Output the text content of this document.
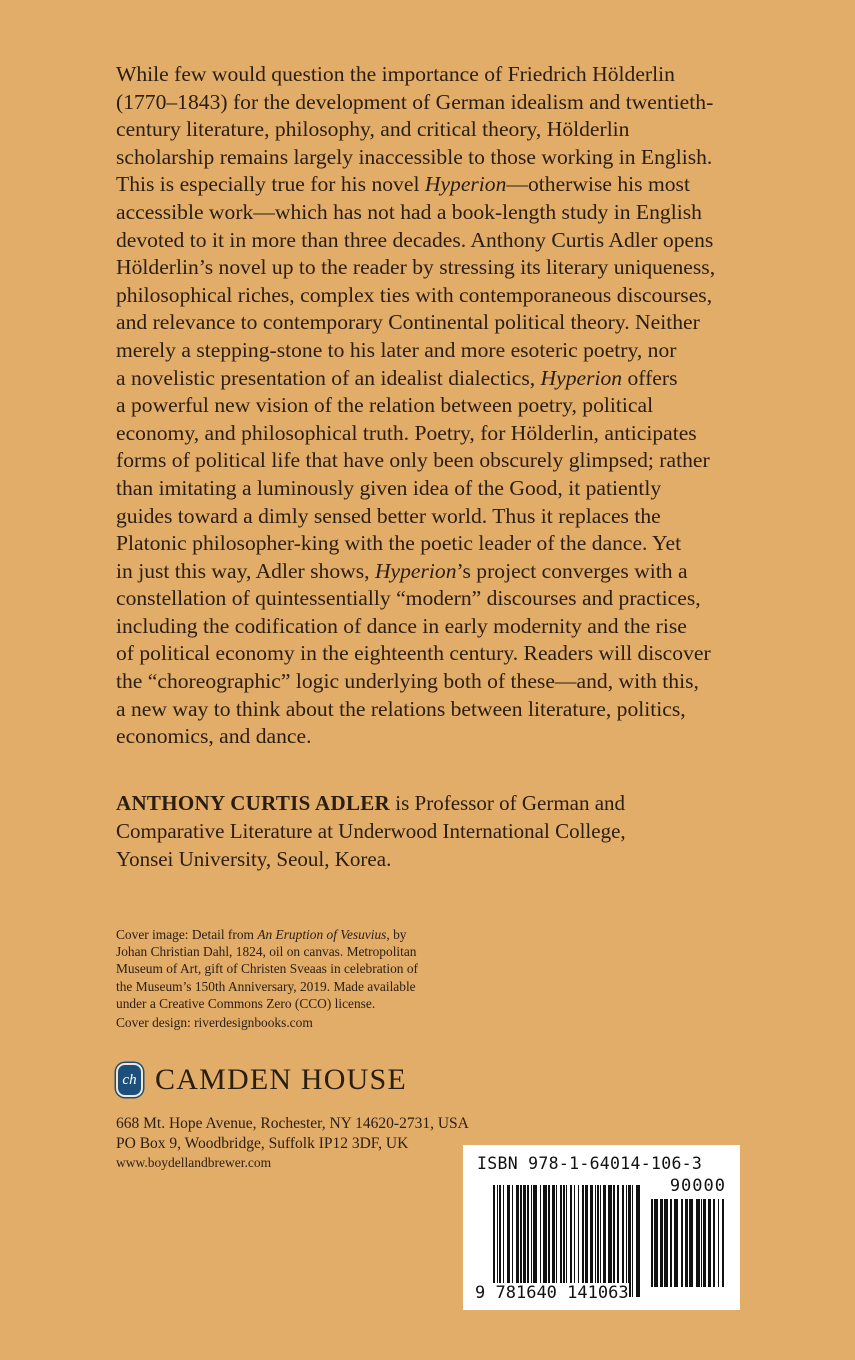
While few would question the importance of Friedrich Hölderlin
(1770–1843) for the development of German idealism and twentieth-
century literature, philosophy, and critical theory, Hölderlin
scholarship remains largely inaccessible to those working in English.
This is especially true for his novel Hyperion—otherwise his most
accessible work—which has not had a book-length study in English
devoted to it in more than three decades. Anthony Curtis Adler opens
Hölderlin’s novel up to the reader by stressing its literary uniqueness,
philosophical riches, complex ties with contemporaneous discourses,
and relevance to contemporary Continental political theory. Neither
merely a stepping-stone to his later and more esoteric poetry, nor
a novelistic presentation of an idealist dialectics, Hyperion offers
a powerful new vision of the relation between poetry, political
economy, and philosophical truth. Poetry, for Hölderlin, anticipates
forms of political life that have only been obscurely glimpsed; rather
than imitating a luminously given idea of the Good, it patiently
guides toward a dimly sensed better world. Thus it replaces the
Platonic philosopher-king with the poetic leader of the dance. Yet
in just this way, Adler shows, Hyperion’s project converges with a
constellation of quintessentially “modern” discourses and practices,
including the codification of dance in early modernity and the rise
of political economy in the eighteenth century. Readers will discover
the “choreographic” logic underlying both of these—and, with this,
a new way to think about the relations between literature, politics,
economics, and dance.
ANTHONY CURTIS ADLER is Professor of German and
Comparative Literature at Underwood International College,
Yonsei University, Seoul, Korea.
Cover image: Detail from An Eruption of Vesuvius, by
Johan Christian Dahl, 1824, oil on canvas. Metropolitan
Museum of Art, gift of Christen Sveaas in celebration of
the Museum’s 150th Anniversary, 2019. Made available
under a Creative Commons Zero (CCO) license.
Cover design: riverdesignbooks.com
ch CAMDEN HOUSE
668 Mt. Hope Avenue, Rochester, NY 14620-2731, USA
PO Box 9, Woodbridge, Suffolk IP12 3DF, UK
www.boydellandbrewer.com	ISBN 978-1-64014-106-3
90000
9 781640 141063
